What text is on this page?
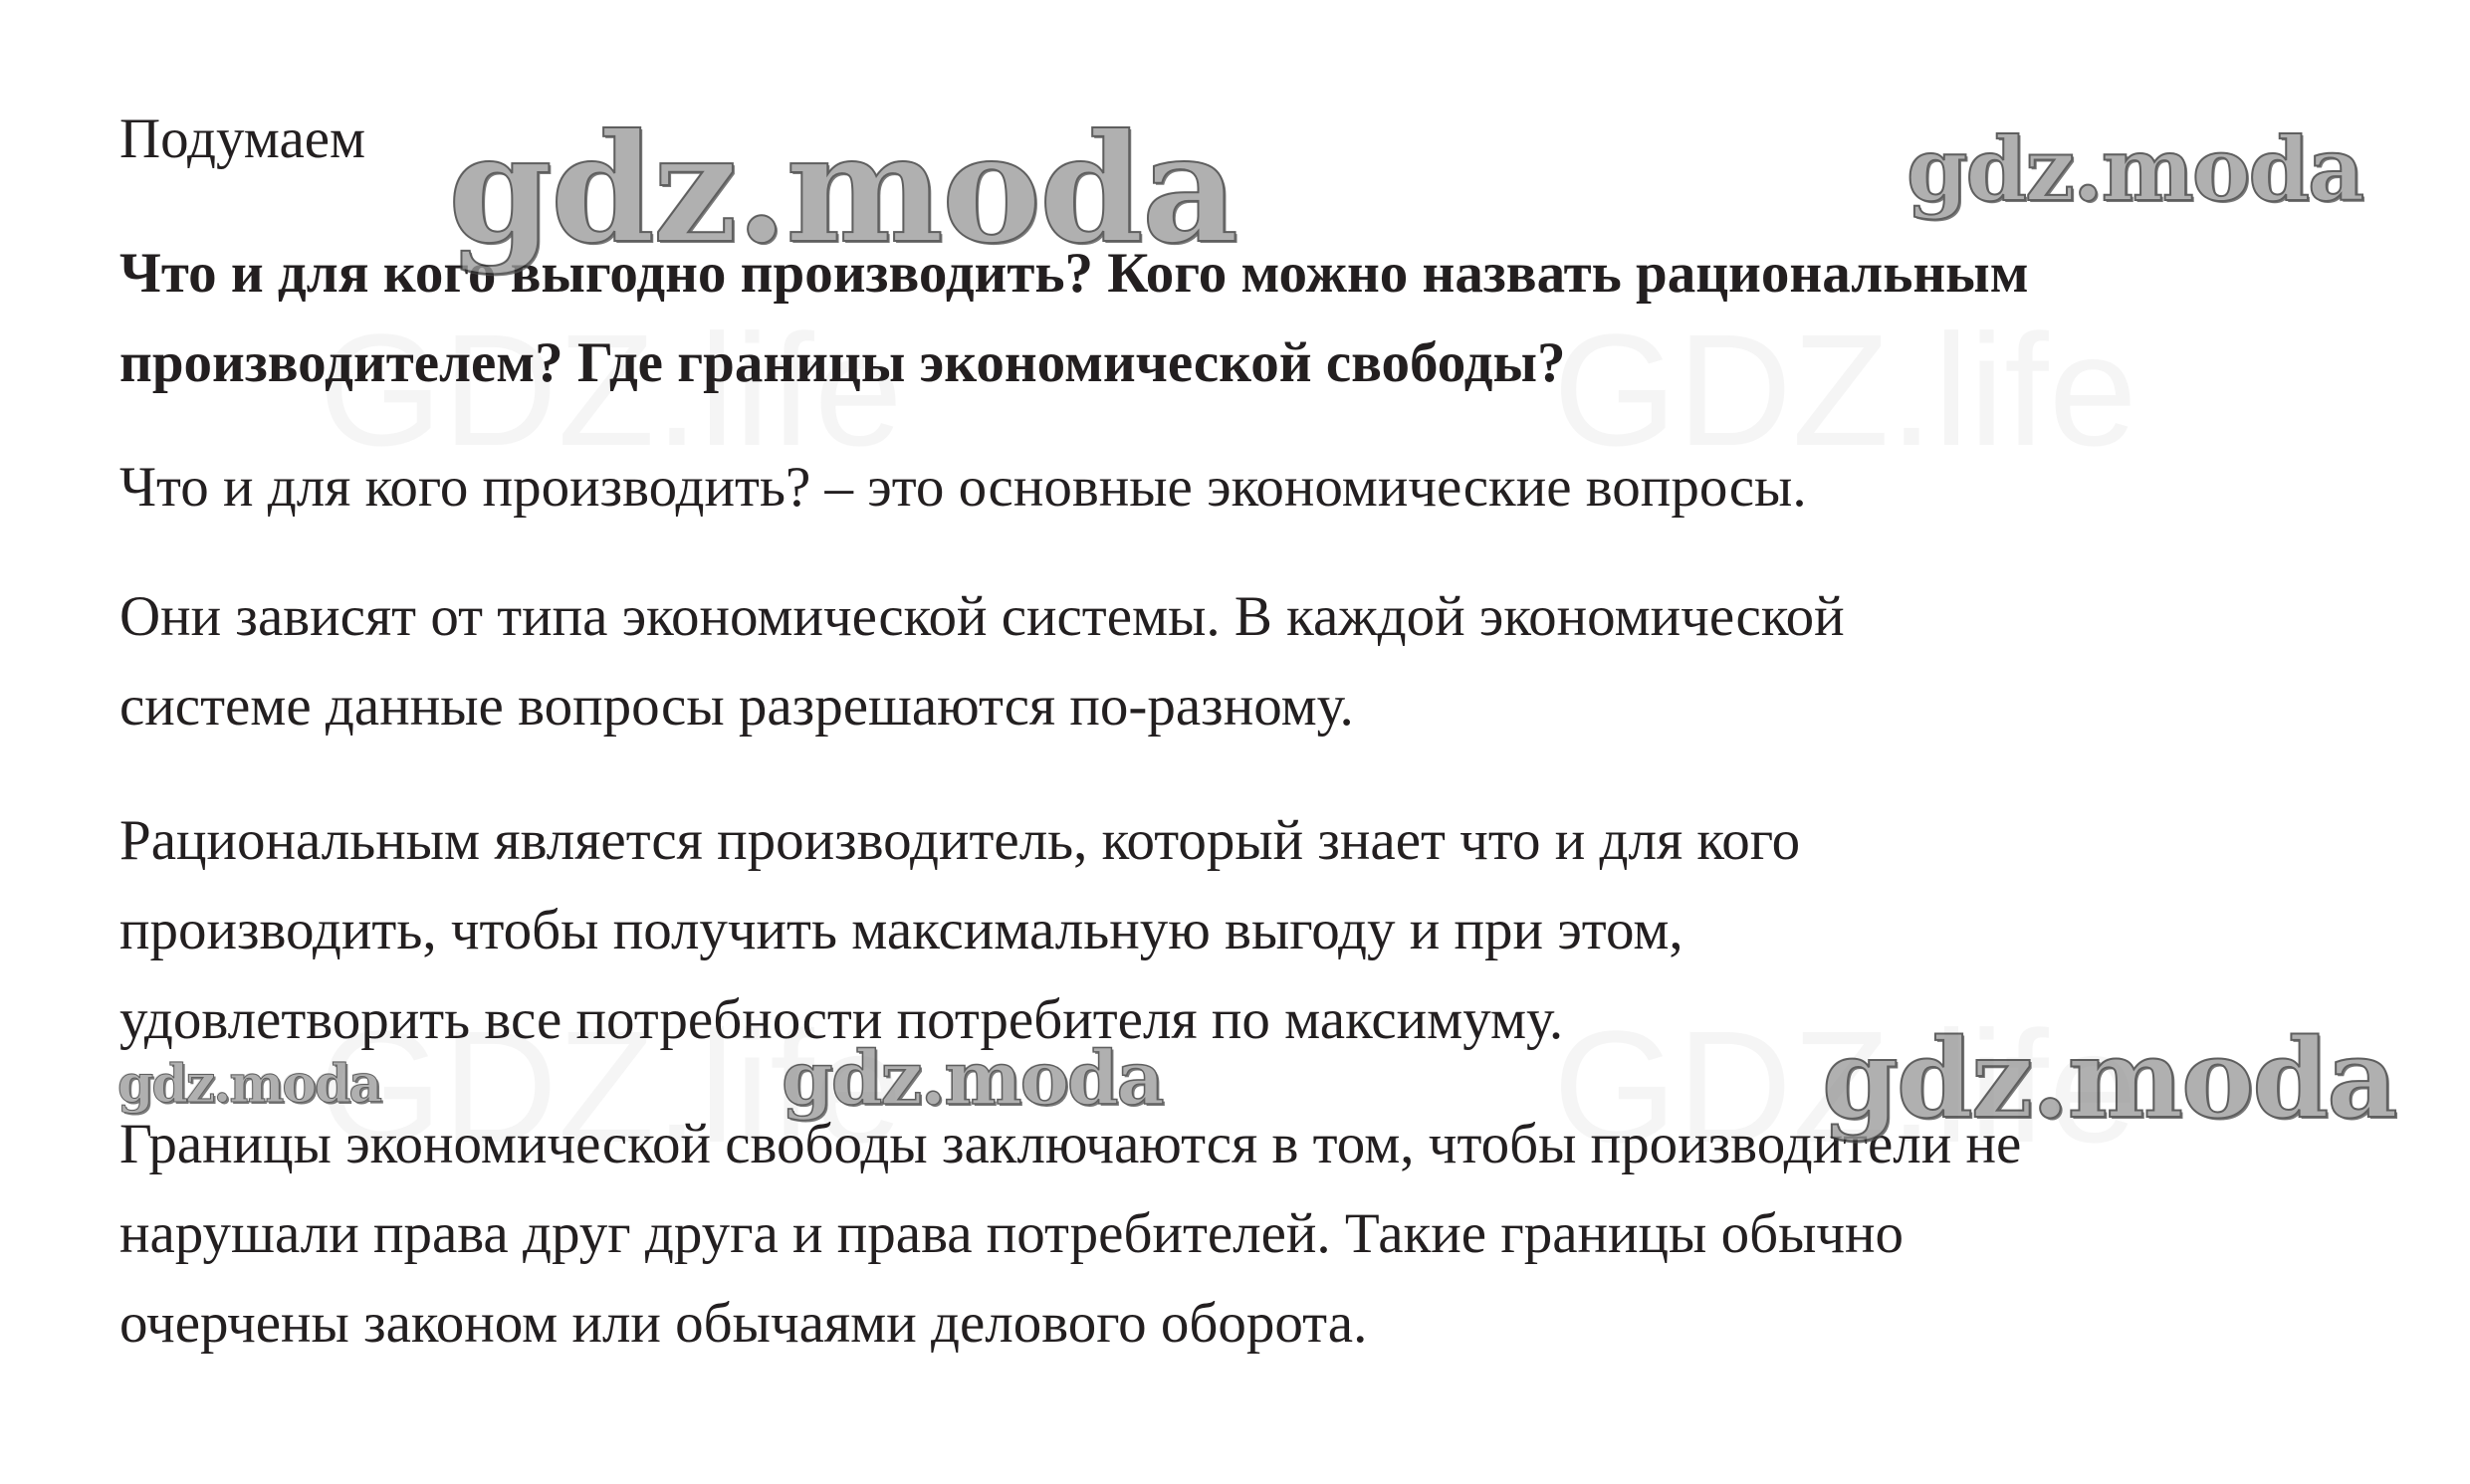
Подумаем
Что и для кого выгодно производить? Кого можно назвать рациональным
производителем? Где границы экономической свободы?
Что и для кого производить? – это основные экономические вопросы.
Они зависят от типа экономической системы. В каждой экономической
системе данные вопросы разрешаются по-разному.
Рациональным является производитель, который знает что и для кого
производить, чтобы получить максимальную выгоду и при этом,
удовлетворить все потребности потребителя по максимуму.
Границы экономической свободы заключаются в том, чтобы производители не
нарушали права друг друга и права потребителей. Такие границы обычно
очерчены законом или обычаями делового оборота.
gdz.moda	gdz.moda
gdz.moda	gdz.moda	gdz.moda
